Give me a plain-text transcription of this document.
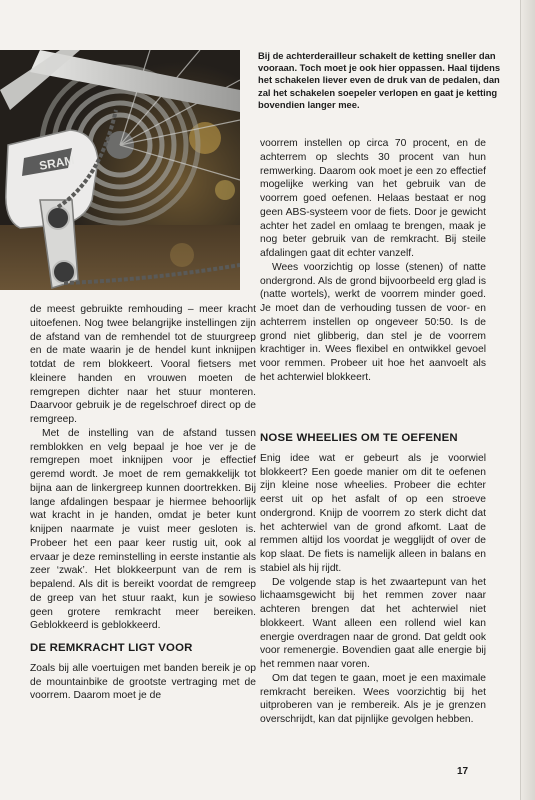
SRAM

Bij de achterderailleur schakelt de ketting sneller dan vooraan. Toch moet je ook hier oppassen. Haal tijdens het schakelen liever even de druk van de pedalen, dan zal het schakelen soepeler verlopen en gaat je ketting bovendien langer mee.

de meest gebruikte remhouding – meer kracht uitoefenen. Nog twee belangrijke instellingen zijn de afstand van de remhendel tot de stuurgreep en de mate waarin je de hendel kunt inknijpen totdat de rem blokkeert. Vooral fietsers met kleinere handen en vrouwen moeten de remgrepen dichter naar het stuur monteren. Daarvoor gebruik je de regelschroef direct op de remgreep.

Met de instelling van de afstand tussen remblokken en velg bepaal je hoe ver je de remgrepen moet inknijpen voor je effectief geremd wordt. Je moet de rem gemakkelijk tot bijna aan de linkergreep kunnen doortrekken. Bij lange afdalingen bespaar je hiermee behoorlijk wat kracht in je handen, omdat je beter kunt knijpen naarmate je vuist meer gesloten is. Probeer het een paar keer rustig uit, ook al ervaar je deze reminstelling in eerste instantie als zeer ‘zwak’. Het blokkeerpunt van de rem is bepalend. Als dit is bereikt voordat de remgreep de greep van het stuur raakt, kun je sowieso geen grotere remkracht meer bereiken. Geblokkeerd is geblokkeerd.

DE REMKRACHT LIGT VOOR

Zoals bij alle voertuigen met banden bereik je op de mountainbike de grootste vertraging met de voorrem. Daarom moet je de

voorrem instellen op circa 70 procent, en de achterrem op slechts 30 procent van hun remwerking. Daarom ook moet je een zo effectief mogelijke werking van het gebruik van de voorrem goed oefenen. Helaas bestaat er nog geen ABS-systeem voor de fiets. Door je gewicht achter het zadel en omlaag te brengen, maak je nog beter gebruik van de remkracht. Bij steile afdalingen gaat dit echter vanzelf.

Wees voorzichtig op losse (stenen) of natte ondergrond. Als de grond bijvoorbeeld erg glad is (natte wortels), werkt de voorrem minder goed. Je moet dan de verhouding tussen de voor- en achterrem instellen op ongeveer 50:50. Is de grond niet glibberig, dan stel je de voorrem krachtiger in. Wees flexibel en ontwikkel gevoel voor remmen. Probeer uit hoe het aanvoelt als het achterwiel blokkeert.

NOSE WHEELIES OM TE OEFENEN

Enig idee wat er gebeurt als je voorwiel blokkeert? Een goede manier om dit te oefenen zijn kleine nose wheelies. Probeer die echter eerst uit op het asfalt of op een stroeve ondergrond. Knijp de voorrem zo sterk dicht dat het achterwiel van de grond afkomt. Laat de remmen altijd los voordat je wegglijdt of over de kop slaat. De fiets is namelijk alleen in balans en stabiel als hij rijdt.

De volgende stap is het zwaartepunt van het lichaamsgewicht bij het remmen zover naar achteren brengen dat het achterwiel niet blokkeert. Want alleen een rollend wiel kan energie overdragen naar de grond. Dat geldt ook voor remenergie. Bovendien gaat alle energie bij het remmen naar voren.

Om dat tegen te gaan, moet je een maximale remkracht bereiken. Wees voorzichtig bij het uitproberen van je rembereik. Als je je grenzen overschrijdt, kan dat pijnlijke gevolgen hebben.

17
